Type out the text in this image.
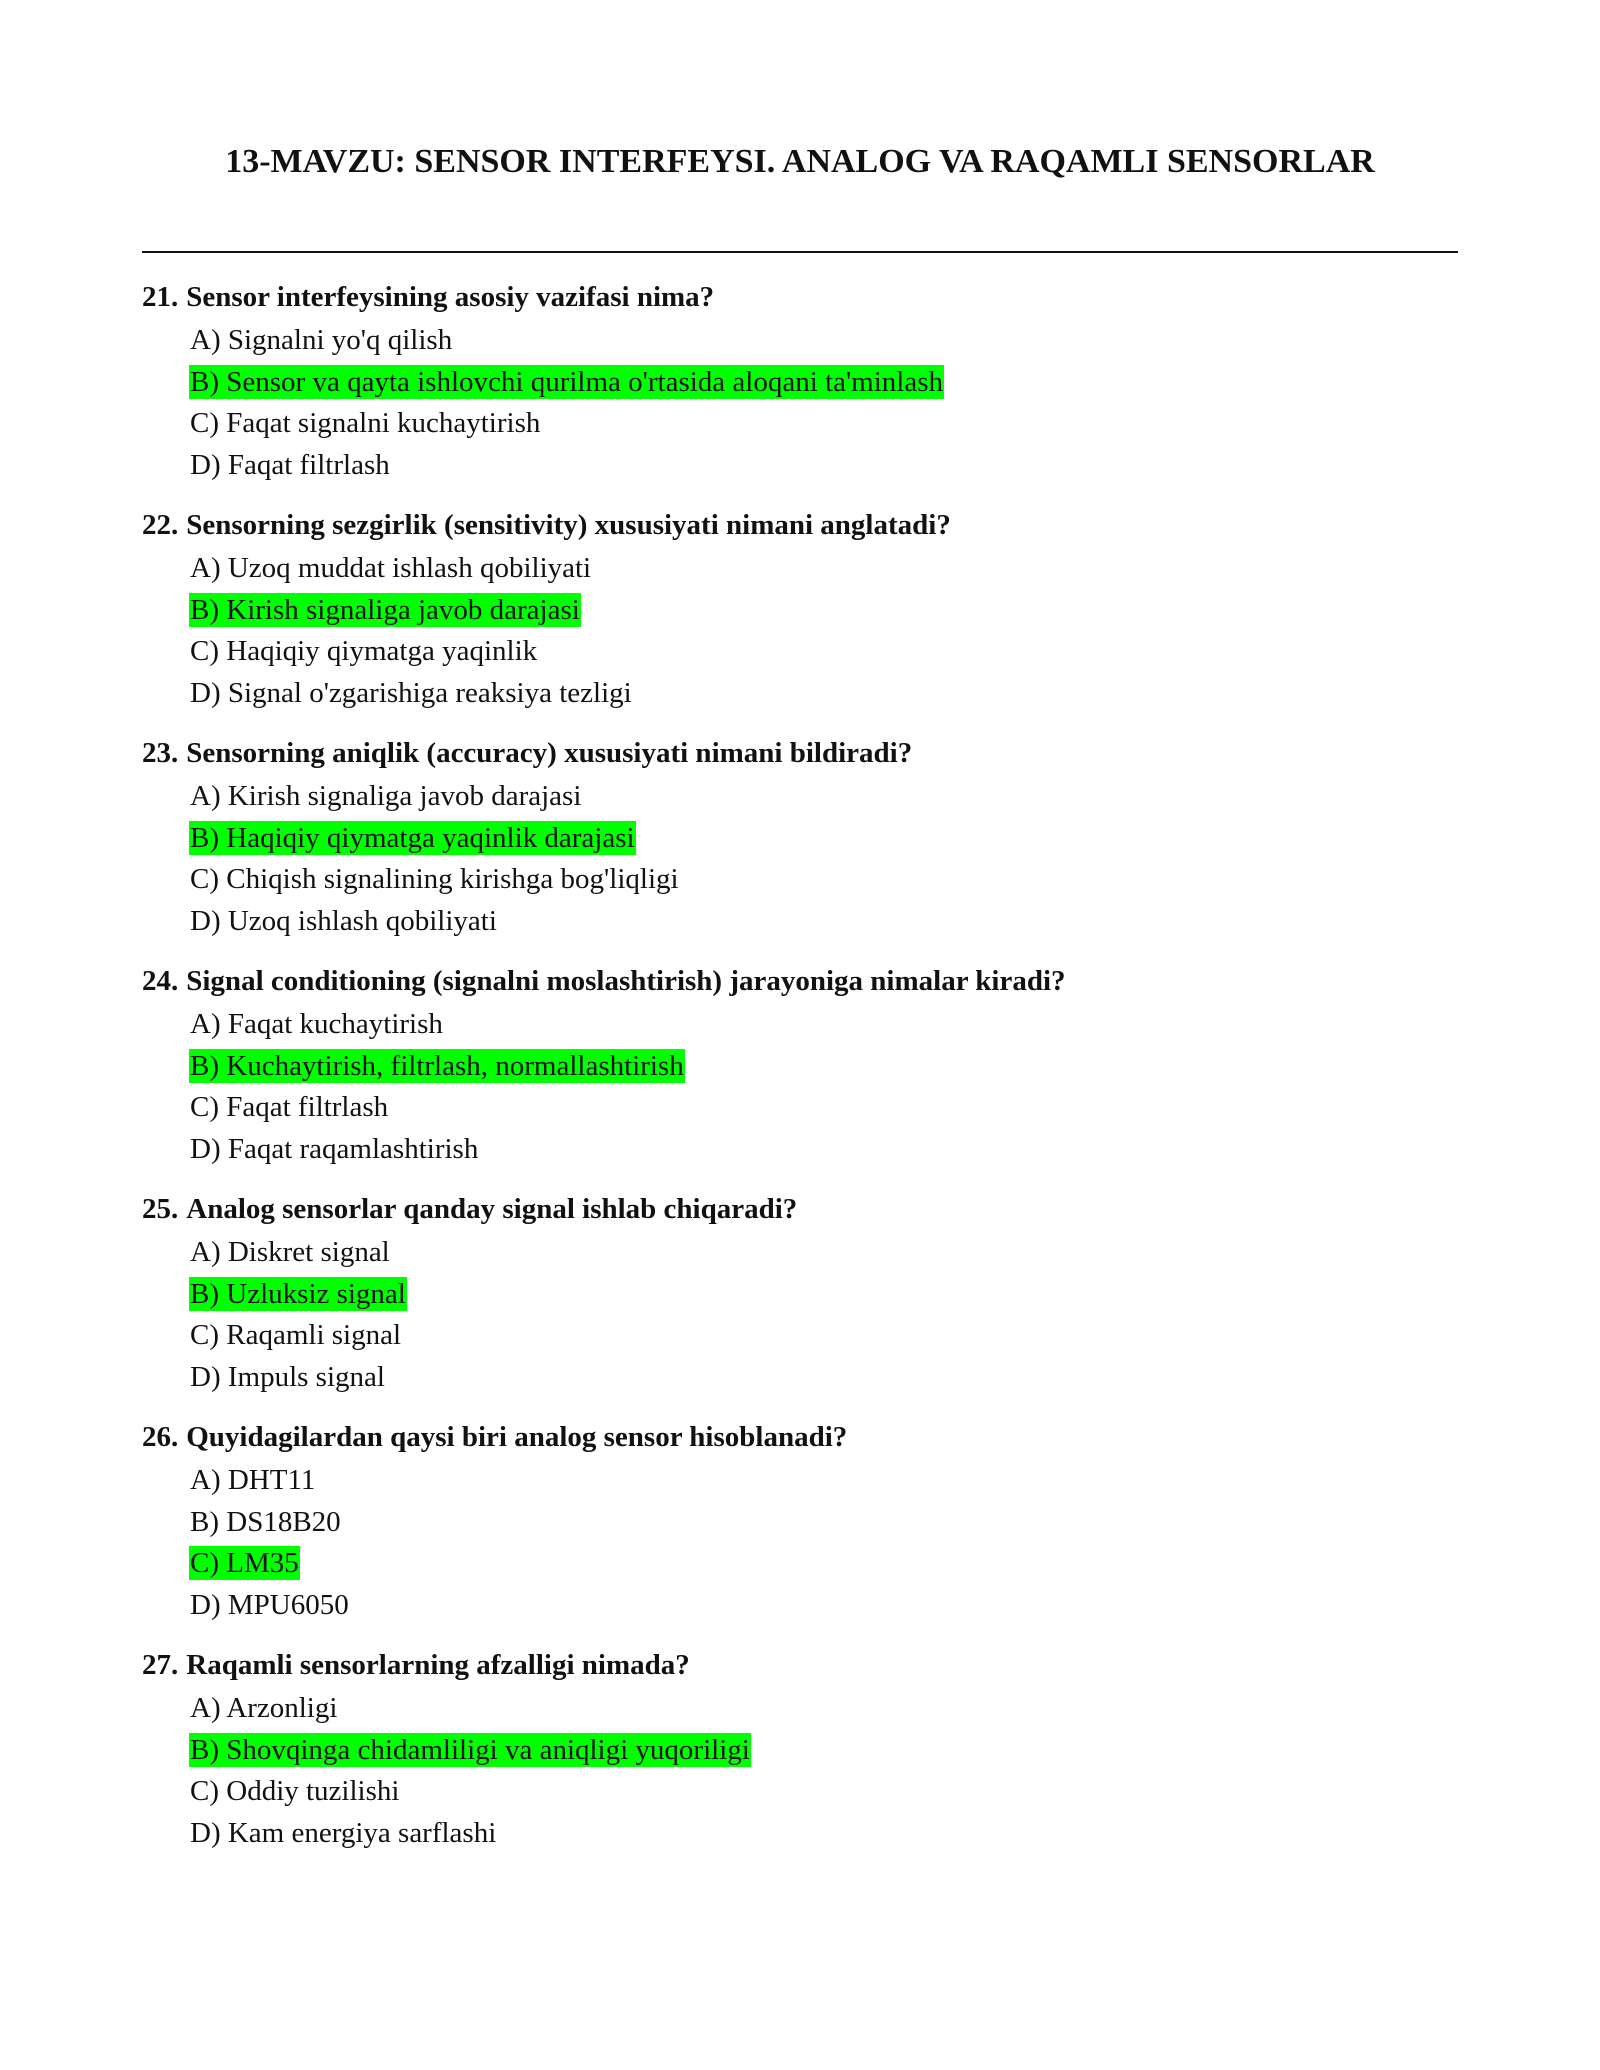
13-MAVZU: SENSOR INTERFEYSI. ANALOG VA RAQAMLI SENSORLAR

21. Sensor interfeysining asosiy vazifasi nima?

A) Signalni yo'q qilish
B) Sensor va qayta ishlovchi qurilma o'rtasida aloqani ta'minlash
C) Faqat signalni kuchaytirish
D) Faqat filtrlash

22. Sensorning sezgirlik (sensitivity) xususiyati nimani anglatadi?

A) Uzoq muddat ishlash qobiliyati
B) Kirish signaliga javob darajasi
C) Haqiqiy qiymatga yaqinlik
D) Signal o'zgarishiga reaksiya tezligi

23. Sensorning aniqlik (accuracy) xususiyati nimani bildiradi?

A) Kirish signaliga javob darajasi
B) Haqiqiy qiymatga yaqinlik darajasi
C) Chiqish signalining kirishga bog'liqligi
D) Uzoq ishlash qobiliyati

24. Signal conditioning (signalni moslashtirish) jarayoniga nimalar kiradi?

A) Faqat kuchaytirish
B) Kuchaytirish, filtrlash, normallashtirish
C) Faqat filtrlash
D) Faqat raqamlashtirish

25. Analog sensorlar qanday signal ishlab chiqaradi?

A) Diskret signal
B) Uzluksiz signal
C) Raqamli signal
D) Impuls signal

26. Quyidagilardan qaysi biri analog sensor hisoblanadi?

A) DHT11
B) DS18B20
C) LM35
D) MPU6050

27. Raqamli sensorlarning afzalligi nimada?

A) Arzonligi
B) Shovqinga chidamliligi va aniqligi yuqoriligi
C) Oddiy tuzilishi
D) Kam energiya sarflashi
